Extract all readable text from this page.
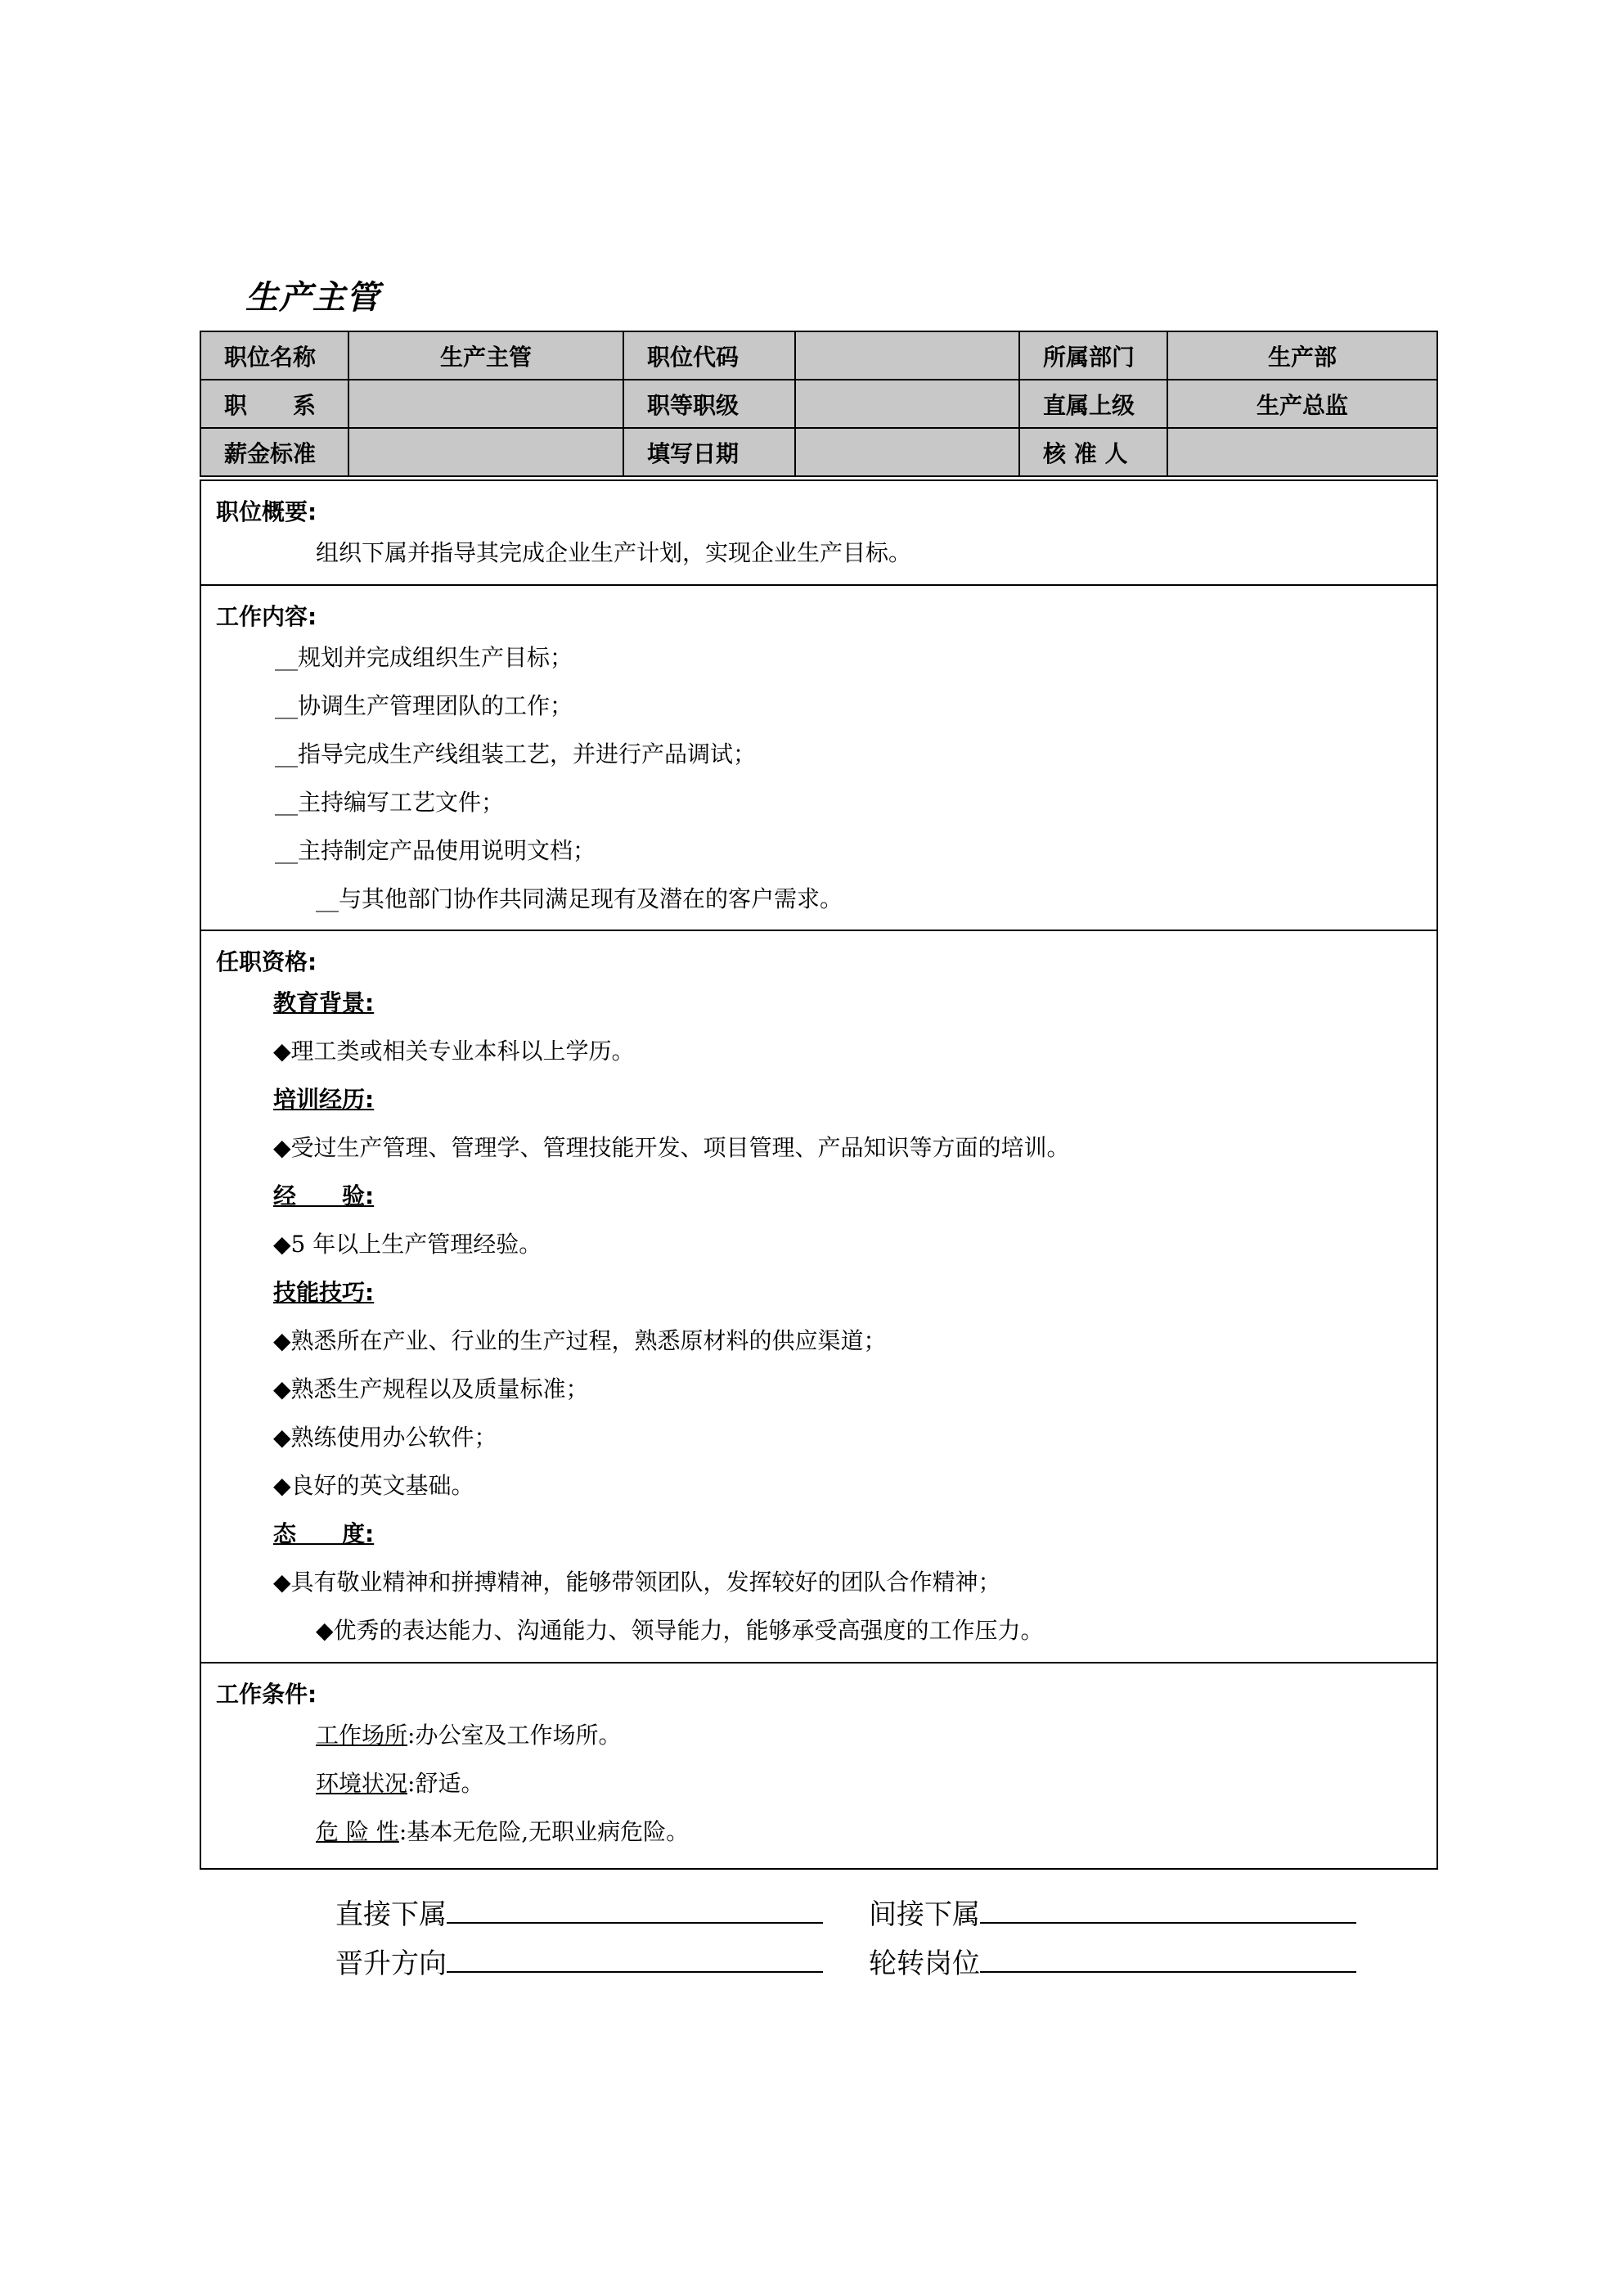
生产主管
职位名称	生产主管	职位代码		所属部门	生产部
职　　系		职等职级		直属上级	生产总监
薪金标准		填写日期		核 准 人	
职位概要:
组织下属并指导其完成企业生产计划，实现企业生产目标。
工作内容:
__规划并完成组织生产目标；
__协调生产管理团队的工作；
__指导完成生产线组装工艺，并进行产品调试；
__主持编写工艺文件；
__主持制定产品使用说明文档；
__与其他部门协作共同满足现有及潜在的客户需求。
任职资格:
教育背景:
◆理工类或相关专业本科以上学历。
培训经历:
◆受过生产管理、管理学、管理技能开发、项目管理、产品知识等方面的培训。
经　　验:
◆5 年以上生产管理经验。
技能技巧:
◆熟悉所在产业、行业的生产过程，熟悉原材料的供应渠道；
◆熟悉生产规程以及质量标准；
◆熟练使用办公软件；
◆良好的英文基础。
态　　度:
◆具有敬业精神和拼搏精神，能够带领团队，发挥较好的团队合作精神；
◆优秀的表达能力、沟通能力、领导能力，能够承受高强度的工作压力。
工作条件:
工作场所:办公室及工作场所。
环境状况:舒适。
危 险 性:基本无危险,无职业病危险。
直接下属	间接下属
晋升方向	轮转岗位
